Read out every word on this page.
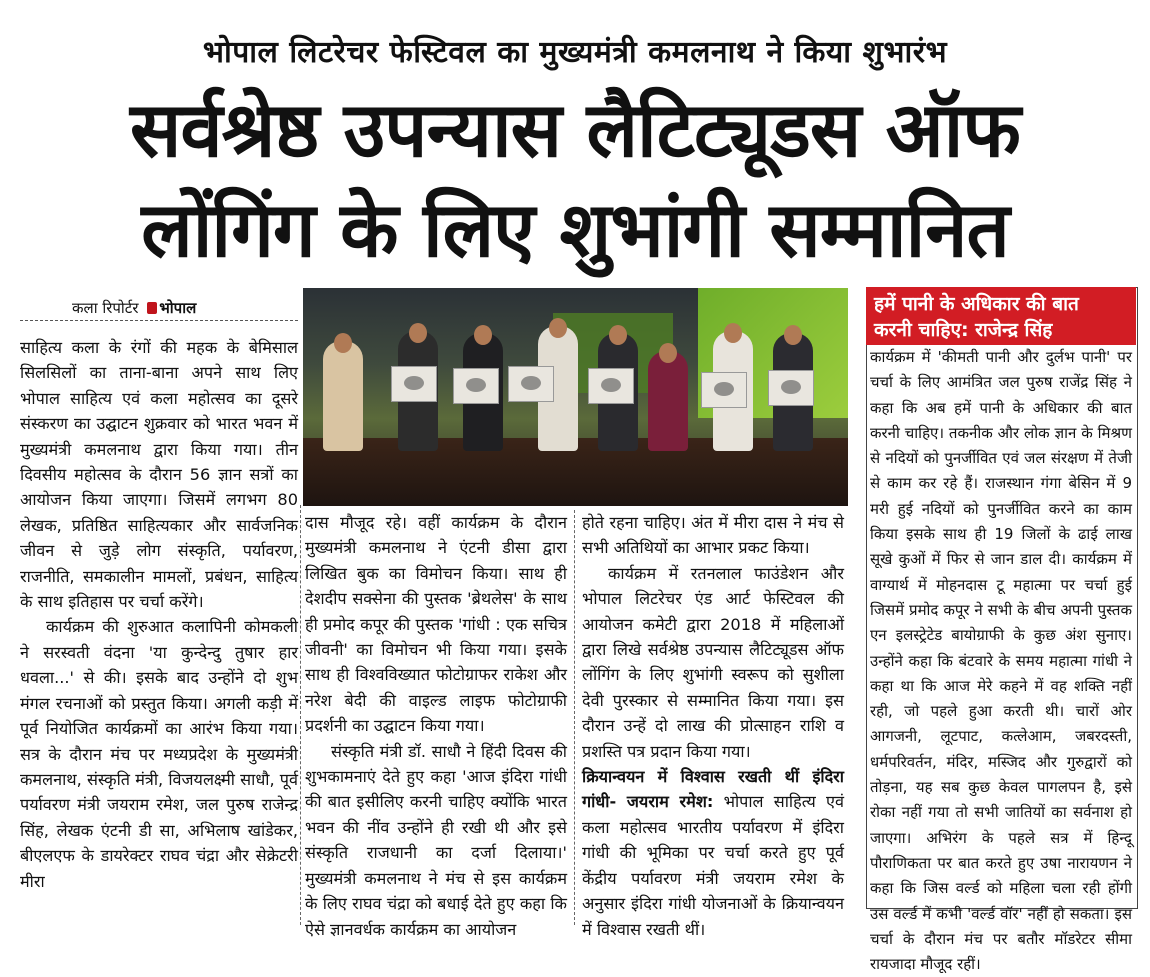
भोपाल लिटरेचर फेस्टिवल का मुख्यमंत्री कमलनाथ ने किया शुभारंभ
सर्वश्रेष्ठ उपन्यास लैटिट्यूडस ऑफ
लोंगिंग के लिए शुभांगी सम्मानित
कला रिपोर्टर भोपाल

साहित्य कला के रंगों की महक के बेमिसाल सिलसिलों का ताना-बाना अपने साथ लिए भोपाल साहित्य एवं कला महोत्सव का दूसरे संस्करण का उद्घाटन शुक्रवार को भारत भवन में मुख्यमंत्री कमलनाथ द्वारा किया गया। तीन दिवसीय महोत्सव के दौरान 56 ज्ञान सत्रों का आयोजन किया जाएगा। जिसमें लगभग 80 लेखक, प्रतिष्ठित साहित्यकार और सार्वजनिक जीवन से जुड़े लोग संस्कृति, पर्यावरण, राजनीति, समकालीन मामलों, प्रबंधन, साहित्य के साथ इतिहास पर चर्चा करेंगे।

कार्यक्रम की शुरुआत कलापिनी कोमकली ने सरस्वती वंदना 'या कुन्देन्दु तुषार हार धवला...' से की। इसके बाद उन्होंने दो शुभ मंगल रचनाओं को प्रस्तुत किया। अगली कड़ी में पूर्व नियोजित कार्यक्रमों का आरंभ किया गया। सत्र के दौरान मंच पर मध्यप्रदेश के मुख्यमंत्री कमलनाथ, संस्कृति मंत्री, विजयलक्ष्मी साधौ, पूर्व पर्यावरण मंत्री जयराम रमेश, जल पुरुष राजेन्द्र सिंह, लेखक एंटनी डी सा, अभिलाष खांडेकर, बीएलएफ के डायरेक्टर राघव चंद्रा और सेक्रेटरी मीरा

दास मौजूद रहे। वहीं कार्यक्रम के दौरान मुख्यमंत्री कमलनाथ ने एंटनी डीसा द्वारा लिखित बुक का विमोचन किया। साथ ही देशदीप सक्सेना की पुस्तक 'ब्रेथलेस' के साथ ही प्रमोद कपूर की पुस्तक 'गांधी : एक सचित्र जीवनी' का विमोचन भी किया गया। इसके साथ ही विश्वविख्यात फोटोग्राफर राकेश और नरेश बेदी की वाइल्ड लाइफ फोटोग्राफी प्रदर्शनी का उद्घाटन किया गया।

संस्कृति मंत्री डॉ. साधौ ने हिंदी दिवस की शुभकामनाएं देते हुए कहा 'आज इंदिरा गांधी की बात इसीलिए करनी चाहिए क्योंकि भारत भवन की नींव उन्होंने ही रखी थी और इसे संस्कृति राजधानी का दर्जा दिलाया।' मुख्यमंत्री कमलनाथ ने मंच से इस कार्यक्रम के लिए राघव चंद्रा को बधाई देते हुए कहा कि ऐसे ज्ञानवर्धक कार्यक्रम का आयोजन

होते रहना चाहिए। अंत में मीरा दास ने मंच से सभी अतिथियों का आभार प्रकट किया।

कार्यक्रम में रतनलाल फाउंडेशन और भोपाल लिटरेचर एंड आर्ट फेस्टिवल की आयोजन कमेटी द्वारा 2018 में महिलाओं द्वारा लिखे सर्वश्रेष्ठ उपन्यास लैटिट्यूडस ऑफ लोंगिंग के लिए शुभांगी स्वरूप को सुशीला देवी पुरस्कार से सम्मानित किया गया। इस दौरान उन्हें दो लाख की प्रोत्साहन राशि व प्रशस्ति पत्र प्रदान किया गया।

क्रियान्वयन में विश्वास रखती थीं इंदिरा गांधी- जयराम रमेश: भोपाल साहित्य एवं कला महोत्सव भारतीय पर्यावरण में इंदिरा गांधी की भूमिका पर चर्चा करते हुए पूर्व केंद्रीय पर्यावरण मंत्री जयराम रमेश के अनुसार इंदिरा गांधी योजनाओं के क्रियान्वयन में विश्वास रखती थीं।

हमें पानी के अधिकार की बात
करनी चाहिए: राजेन्द्र सिंह

कार्यक्रम में 'कीमती पानी और दुर्लभ पानी' पर चर्चा के लिए आमंत्रित जल पुरुष राजेंद्र सिंह ने कहा कि अब हमें पानी के अधिकार की बात करनी चाहिए। तकनीक और लोक ज्ञान के मिश्रण से नदियों को पुनर्जीवित एवं जल संरक्षण में तेजी से काम कर रहे हैं। राजस्थान गंगा बेसिन में 9 मरी हुई नदियों को पुनर्जीवित करने का काम किया इसके साथ ही 19 जिलों के ढाई लाख सूखे कुओं में फिर से जान डाल दी। कार्यक्रम में वाग्यार्थ में मोहनदास टू महात्मा पर चर्चा हुई जिसमें प्रमोद कपूर ने सभी के बीच अपनी पुस्तक एन इलस्ट्रेटेड बायोग्राफी के कुछ अंश सुनाए। उन्होंने कहा कि बंटवारे के समय महात्मा गांधी ने कहा था कि आज मेरे कहने में वह शक्ति नहीं रही, जो पहले हुआ करती थी। चारों ओर आगजनी, लूटपाट, कत्लेआम, जबरदस्ती, धर्मपरिवर्तन, मंदिर, मस्जिद और गुरुद्वारों को तोड़ना, यह सब कुछ केवल पागलपन है, इसे रोका नहीं गया तो सभी जातियों का सर्वनाश हो जाएगा। अभिरंग के पहले सत्र में हिन्दू पौराणिकता पर बात करते हुए उषा नारायणन ने कहा कि जिस वर्ल्ड को महिला चला रही होंगी उस वर्ल्ड में कभी 'वर्ल्ड वॉर' नहीं हो सकता। इस चर्चा के दौरान मंच पर बतौर मॉडरेटर सीमा रायजादा मौजूद रहीं।
